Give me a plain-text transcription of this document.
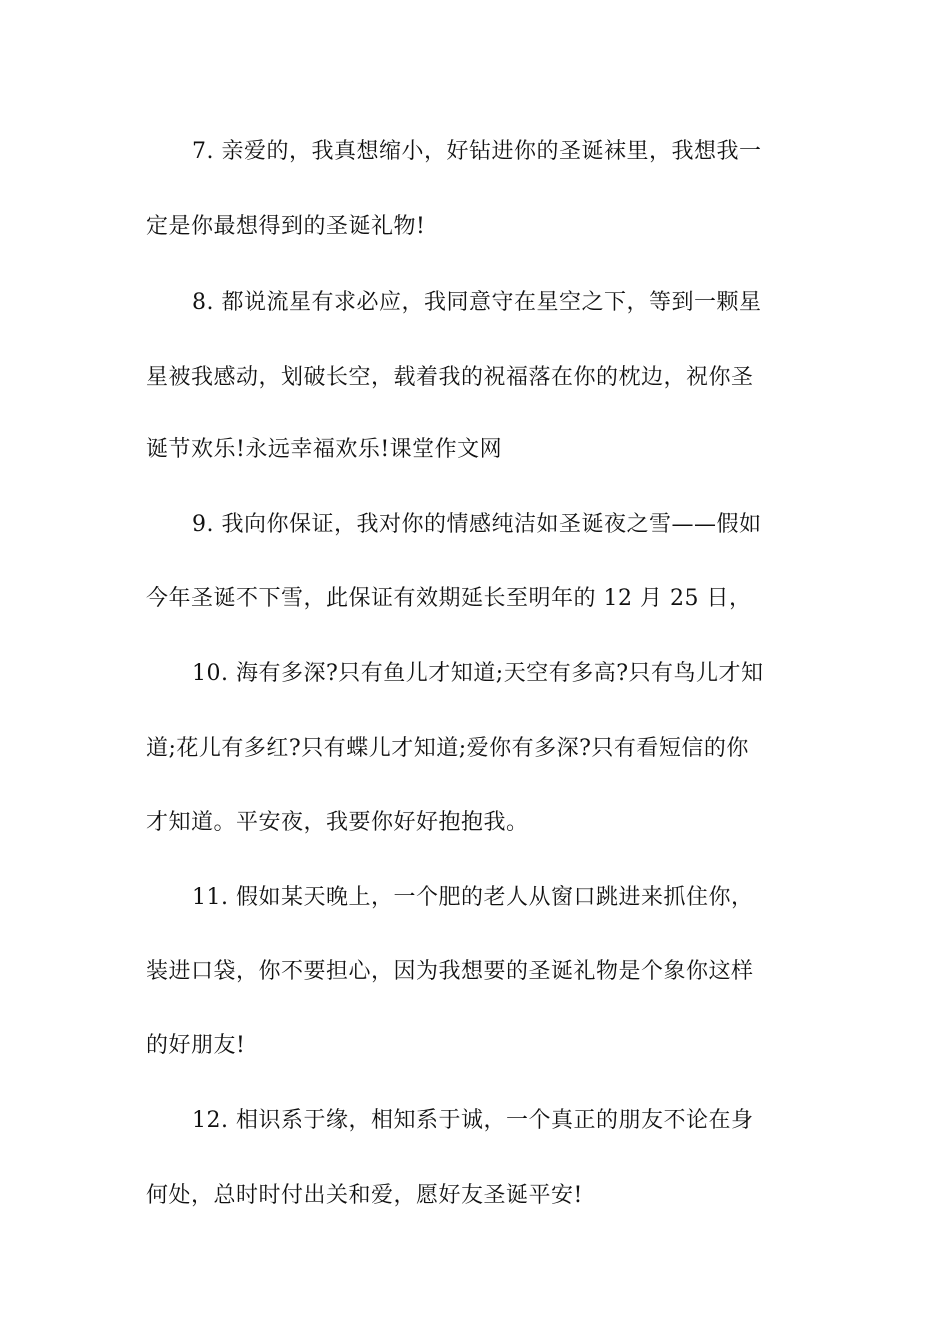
7. 亲爱的，我真想缩小，好钻进你的圣诞袜里，我想我一
定是你最想得到的圣诞礼物!
8. 都说流星有求必应，我同意守在星空之下，等到一颗星
星被我感动，划破长空，载着我的祝福落在你的枕边，祝你圣
诞节欢乐!永远幸福欢乐!课堂作文网
9. 我向你保证，我对你的情感纯洁如圣诞夜之雪——假如
今年圣诞不下雪，此保证有效期延长至明年的 12 月 25 日，
10. 海有多深?只有鱼儿才知道;天空有多高?只有鸟儿才知
道;花儿有多红?只有蝶儿才知道;爱你有多深?只有看短信的你
才知道。平安夜，我要你好好抱抱我。
11. 假如某天晚上，一个肥的老人从窗口跳进来抓住你，
装进口袋，你不要担心，因为我想要的圣诞礼物是个象你这样
的好朋友!
12. 相识系于缘，相知系于诚，一个真正的朋友不论在身
何处，总时时付出关和爱，愿好友圣诞平安!
